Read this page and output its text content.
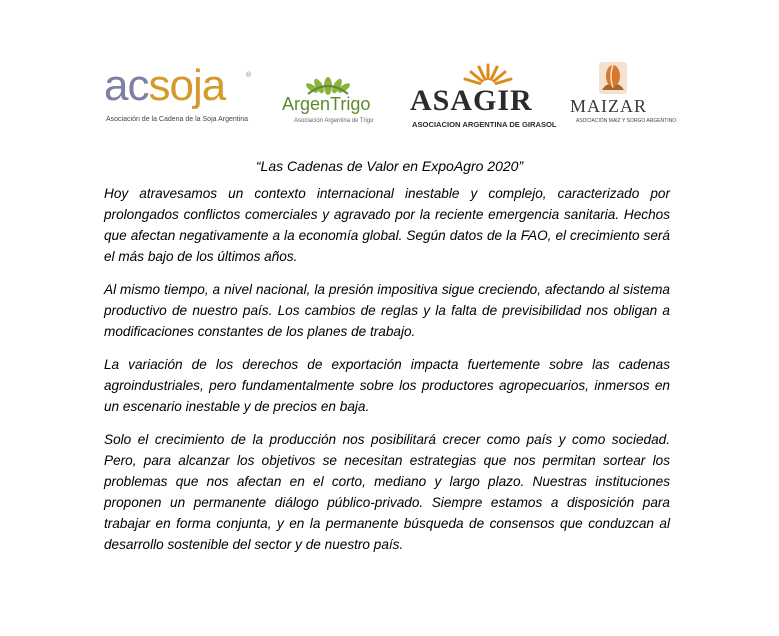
acsoja	®
Asociación de la Cadena de la Soja Argentina
ArgenTrigo
Asociación Argentina de Trigo
ASAGIR
ASOCIACION ARGENTINA DE GIRASOL
MAIZAR
ASOCIACIÓN MAÍZ Y SORGO ARGENTINO
“Las Cadenas de Valor en ExpoAgro 2020”

Hoy atravesamos un contexto internacional inestable y complejo, caracterizado por prolongados conflictos comerciales y agravado por la reciente emergencia sanitaria. Hechos que afectan negativamente a la economía global. Según datos de la FAO, el crecimiento será el más bajo de los últimos años.

Al mismo tiempo, a nivel nacional, la presión impositiva sigue creciendo, afectando al sistema productivo de nuestro país. Los cambios de reglas y la falta de previsibilidad nos obligan a modificaciones constantes de los planes de trabajo.

La variación de los derechos de exportación impacta fuertemente sobre las cadenas agroindustriales, pero fundamentalmente sobre los productores agropecuarios, inmersos en un escenario inestable y de precios en baja.

Solo el crecimiento de la producción nos posibilitará crecer como país y como sociedad. Pero, para alcanzar los objetivos se necesitan estrategias que nos permitan sortear los problemas que nos afectan en el corto, mediano y largo plazo. Nuestras instituciones proponen un permanente diálogo público-privado. Siempre estamos a disposición para trabajar en forma conjunta, y en la permanente búsqueda de consensos que conduzcan al desarrollo sostenible del sector y de nuestro país.
